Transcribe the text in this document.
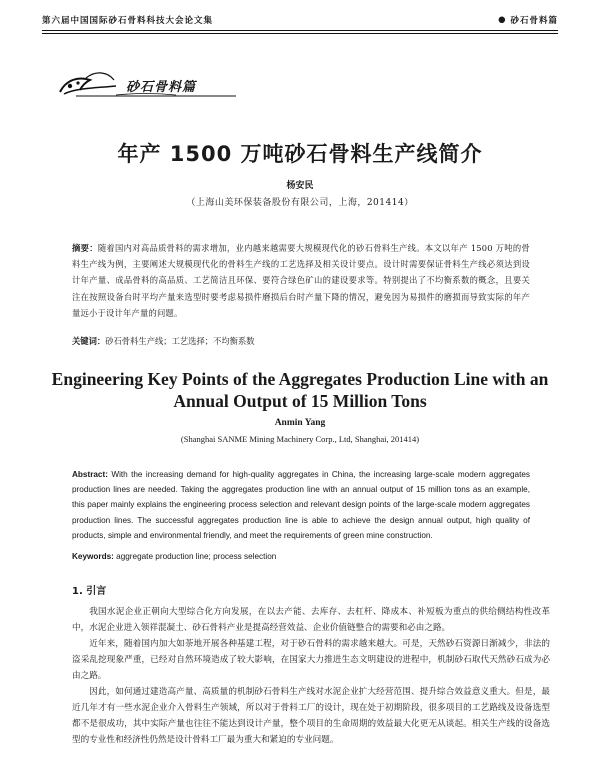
第六届中国国际砂石骨料科技大会论文集	● 砂石骨料篇
砂石骨料篇
年产 1500 万吨砂石骨料生产线简介
杨安民
（上海山美环保装备股份有限公司，上海，201414）
摘要：随着国内对高品质骨料的需求增加，业内越来越需要大规模现代化的砂石骨料生产线。本文以年产 1500 万吨的骨料生产线为例，主要阐述大规模现代化的骨料生产线的工艺选择及相关设计要点。设计时需要保证骨料生产线必须达到设计年产量、成品骨料的高品质、工艺简洁且环保、要符合绿色矿山的建设要求等。特别提出了不均衡系数的概念，且要关注在按照设备台时平均产量来选型时要考虑易损件磨损后台时产量下降的情况，避免因为易损件的磨损而导致实际的年产量远小于设计年产量的问题。
关键词：砂石骨料生产线；工艺选择；不均衡系数
Engineering Key Points of the Aggregates Production Line with an Annual Output of 15 Million Tons
Anmin Yang
(Shanghai SANME Mining Machinery Corp., Ltd, Shanghai, 201414)
Abstract: With the increasing demand for high-quality aggregates in China, the increasing large-scale modern aggregates production lines are needed. Taking the aggregates production line with an annual output of 15 million tons as an example, this paper mainly explains the engineering process selection and relevant design points of the large-scale modern aggregates production lines. The successful aggregates production line is able to achieve the design annual output, high quality of products, simple and environmental friendly, and meet the requirements of green mine construction.
Keywords: aggregate production line; process selection
1. 引言

我国水泥企业正朝向大型综合化方向发展，在以去产能、去库存、去杠杆、降成本、补短板为重点的供给侧结构性改革中，水泥企业进入领祥混凝土、砂石骨料产业是提高经营效益、企业价值链整合的需要和必由之路。

近年来，随着国内加大如荼地开展各种基建工程，对于砂石骨料的需求越来越大。可是，天然砂石资源日渐减少，非法的盗采乱挖现象严重，已经对自然环境造成了较大影响，在国家大力推进生态文明建设的进程中，机制砂石取代天然砂石成为必由之路。

因此，如何通过建造高产量、高质量的机制砂石骨料生产线对水泥企业扩大经营范围、提升综合效益意义重大。但是，最近几年才有一些水泥企业介入骨料生产领域，所以对于骨料工厂的设计，现在处于初期阶段，很多项目的工艺路线及设备选型都不是很成功，其中实际产量也往往不能达到设计产量，整个项目的生命周期的效益最大化更无从谈起。相关生产线的设备选型的专业性和经济性仍然是设计骨料工厂最为重大和紧迫的专业问题。
